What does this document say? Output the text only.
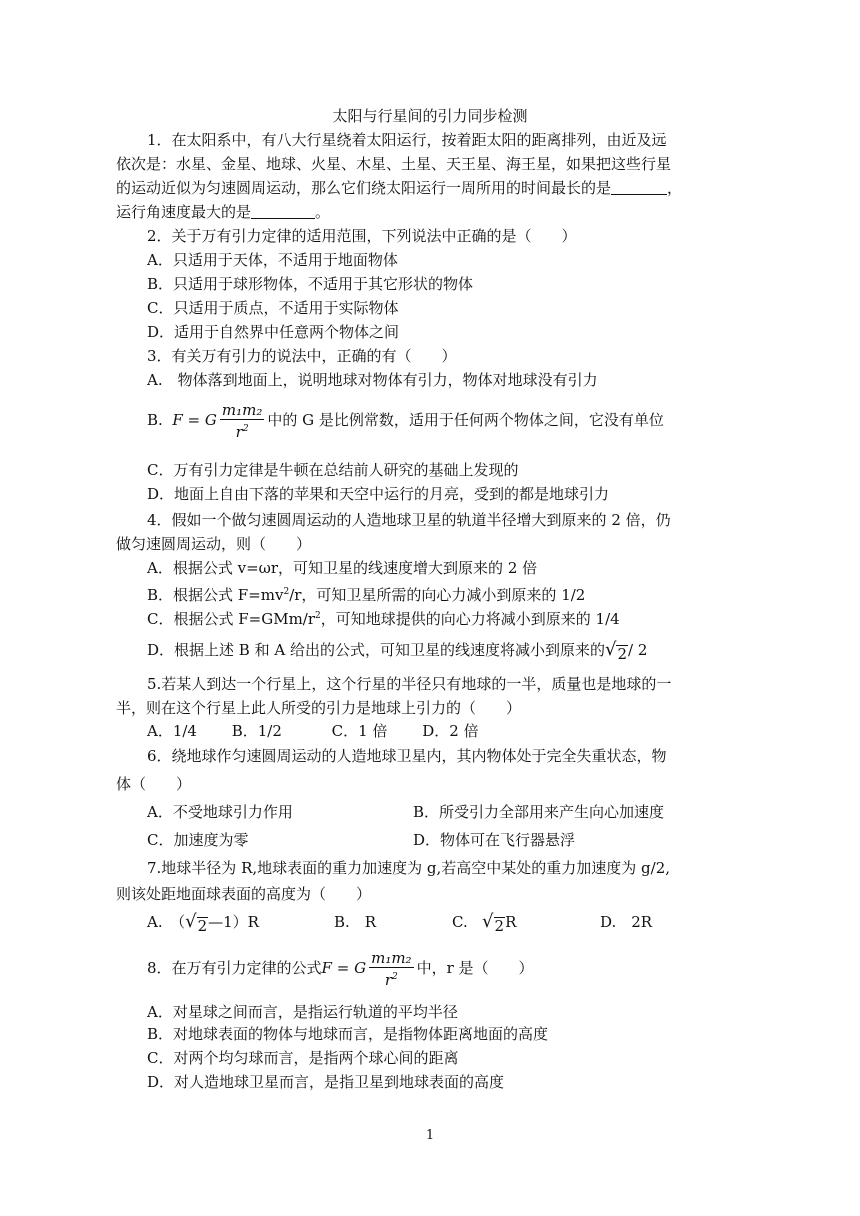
太阳与行星间的引力同步检测
1．在太阳系中，有八大行星绕着太阳运行，按着距太阳的距离排列，由近及远
依次是：水星、金星、地球、火星、木星、土星、天王星、海王星，如果把这些行星
的运动近似为匀速圆周运动，那么它们绕太阳运行一周所用的时间最长的是	，
运行角速度最大的是	。
2．关于万有引力定律的适用范围，下列说法中正确的是（　　）
A．只适用于天体，不适用于地面物体
B．只适用于球形物体，不适用于其它形状的物体
C．只适用于质点，不适用于实际物体
D．适用于自然界中任意两个物体之间
3．有关万有引力的说法中，正确的有（　　）
A.　物体落到地面上，说明地球对物体有引力，物体对地球没有引力
B. F = G $\frac{\text{m₁m₂}}{r^2}$ 中的 G 是比例常数，适用于任何两个物体之间，它没有单位
C．万有引力定律是牛顿在总结前人研究的基础上发现的
D．地面上自由下落的苹果和天空中运行的月亮，受到的都是地球引力
4．假如一个做匀速圆周运动的人造地球卫星的轨道半径增大到原来的 2 倍，仍
做匀速圆周运动，则（　　）
A．根据公式 v=ωr，可知卫星的线速度增大到原来的 2 倍
B．根据公式 $F=mv^2/r$，可知卫星所需的向心力减小到原来的 1/2
C．根据公式 $F=GMm/r^2$，可知地球提供的向心力将减小到原来的 1/4
D．根据上述 B 和 A 给出的公式，可知卫星的线速度将减小到原来的 √ 2 / 2
5.若某人到达一个行星上，这个行星的半径只有地球的一半，质量也是地球的一
半，则在这个行星上此人所受的引力是地球上引力的（　　）
A．1/4　　 B．1/2　　　 C．1 倍　　 D．2 倍
6．绕地球作匀速圆周运动的人造地球卫星内，其内物体处于完全失重状态，物
体（　　）
A．不受地球引力作用	B．所受引力全部用来产生向心加速度
C．加速度为零	D．物体可在飞行器悬浮
7.地球半径为 R,地球表面的重力加速度为 g,若高空中某处的重力加速度为 g/2,
则该处距地面球表面的高度为（　　）
A.　（ √ 2 —1）R	B.　R	C. √ 2 R	D.　2R
8．在万有引力定律的公式F = G $\frac{\text{m₁m₂}}{r^2}$ 中，r 是（　　）
A．对星球之间而言，是指运行轨道的平均半径
B．对地球表面的物体与地球而言，是指物体距离地面的高度
C．对两个均匀球而言，是指两个球心间的距离
D．对人造地球卫星而言，是指卫星到地球表面的高度
1
